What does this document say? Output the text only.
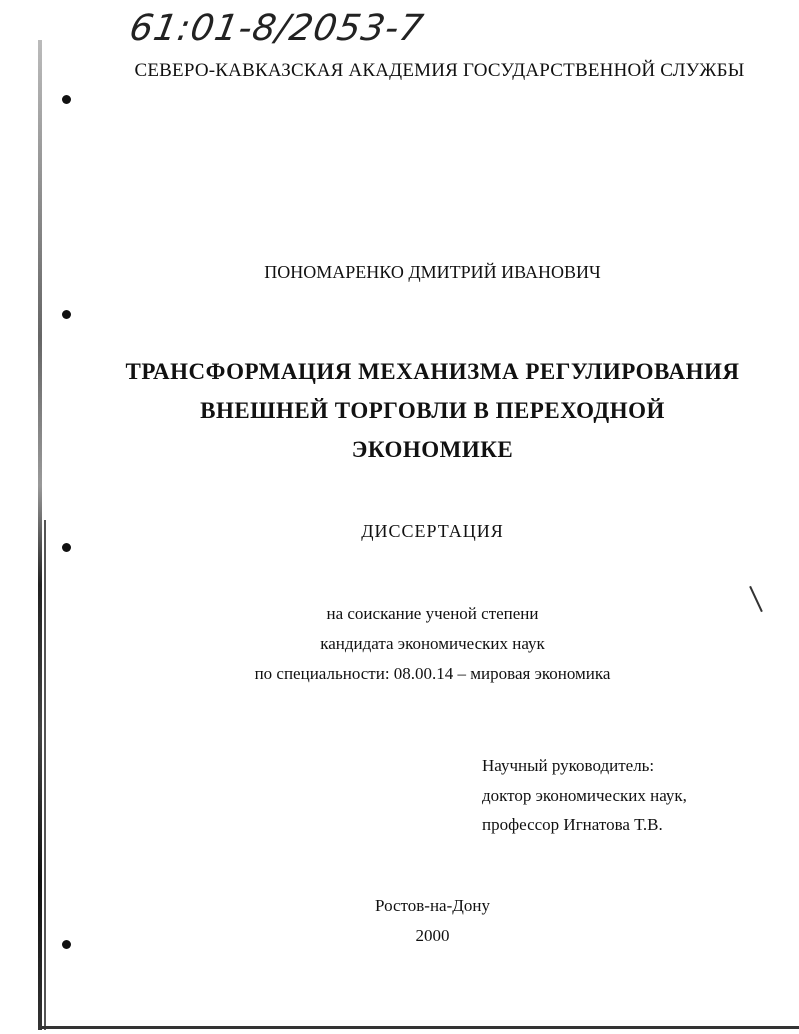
61:01-8/2053-7
СЕВЕРО-КАВКАЗСКАЯ АКАДЕМИЯ ГОСУДАРСТВЕННОЙ СЛУЖБЫ
ПОНОМАРЕНКО ДМИТРИЙ ИВАНОВИЧ
ТРАНСФОРМАЦИЯ МЕХАНИЗМА РЕГУЛИРОВАНИЯ
ВНЕШНЕЙ ТОРГОВЛИ В ПЕРЕХОДНОЙ
ЭКОНОМИКЕ
ДИССЕРТАЦИЯ
на соискание ученой степени
кандидата экономических наук
по специальности: 08.00.14 – мировая экономика
Научный руководитель:
доктор экономических наук,
профессор Игнатова Т.В.
Ростов-на-Дону
2000
